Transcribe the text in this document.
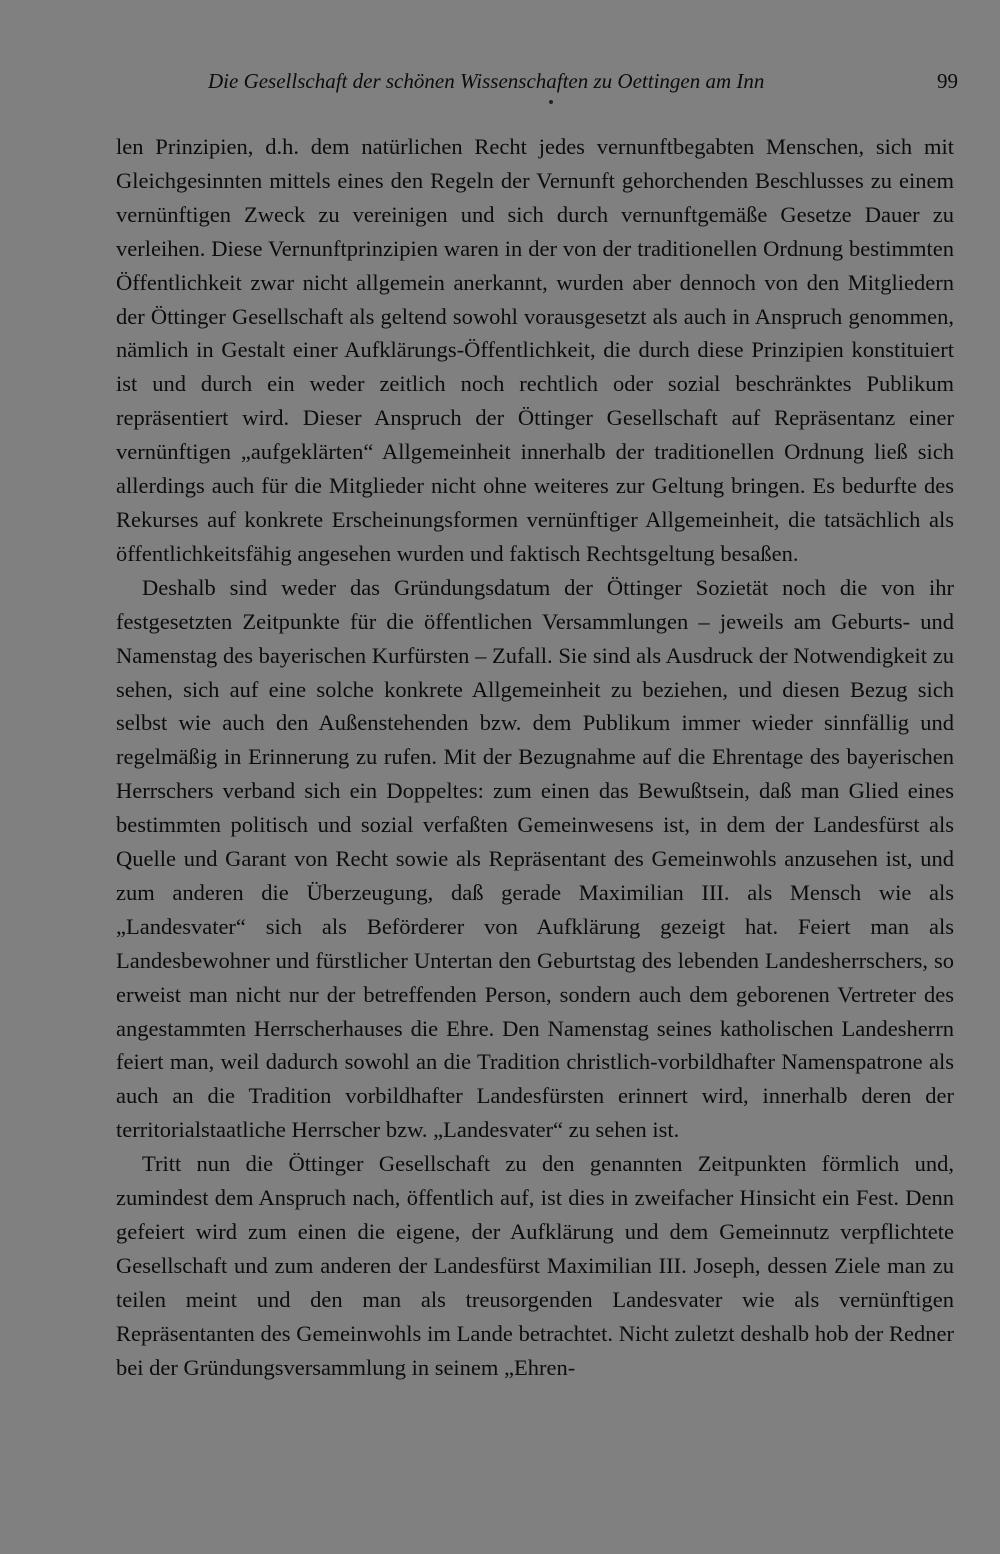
Die Gesellschaft der schönen Wissenschaften zu Oettingen am Inn	99

len Prinzipien, d.h. dem natürlichen Recht jedes vernunftbegabten Menschen, sich mit Gleichgesinnten mittels eines den Regeln der Vernunft gehorchenden Beschlusses zu einem vernünftigen Zweck zu vereinigen und sich durch vernunftgemäße Gesetze Dauer zu verleihen. Diese Vernunftprinzipien waren in der von der traditionellen Ordnung bestimmten Öffentlichkeit zwar nicht allgemein anerkannt, wurden aber dennoch von den Mitgliedern der Öttinger Gesellschaft als geltend sowohl vorausgesetzt als auch in Anspruch genommen, nämlich in Gestalt einer Aufklärungs-Öffentlichkeit, die durch diese Prinzipien konstituiert ist und durch ein weder zeitlich noch rechtlich oder sozial beschränktes Publikum repräsentiert wird. Dieser Anspruch der Öttinger Gesellschaft auf Repräsentanz einer vernünftigen „aufgeklärten“ Allgemeinheit innerhalb der traditionellen Ordnung ließ sich allerdings auch für die Mitglieder nicht ohne weiteres zur Geltung bringen. Es bedurfte des Rekurses auf konkrete Erscheinungsformen vernünftiger Allgemeinheit, die tatsächlich als öffentlichkeitsfähig angesehen wurden und faktisch Rechtsgeltung besaßen.

Deshalb sind weder das Gründungsdatum der Öttinger Sozietät noch die von ihr festgesetzten Zeitpunkte für die öffentlichen Versammlungen – jeweils am Geburts- und Namenstag des bayerischen Kurfürsten – Zufall. Sie sind als Ausdruck der Notwendigkeit zu sehen, sich auf eine solche konkrete Allgemeinheit zu beziehen, und diesen Bezug sich selbst wie auch den Außenstehenden bzw. dem Publikum immer wieder sinnfällig und regelmäßig in Erinnerung zu rufen. Mit der Bezugnahme auf die Ehrentage des bayerischen Herrschers verband sich ein Doppeltes: zum einen das Bewußtsein, daß man Glied eines bestimmten politisch und sozial verfaßten Gemeinwesens ist, in dem der Landesfürst als Quelle und Garant von Recht sowie als Repräsentant des Gemeinwohls anzusehen ist, und zum anderen die Überzeugung, daß gerade Maximilian III. als Mensch wie als „Landesvater“ sich als Beförderer von Aufklärung gezeigt hat. Feiert man als Landesbewohner und fürstlicher Untertan den Geburtstag des lebenden Landesherrschers, so erweist man nicht nur der betreffenden Person, sondern auch dem geborenen Vertreter des angestammten Herrscherhauses die Ehre. Den Namenstag seines katholischen Landesherrn feiert man, weil dadurch sowohl an die Tradition christlich-vorbildhafter Namenspatrone als auch an die Tradition vorbildhafter Landesfürsten erinnert wird, innerhalb deren der territorialstaatliche Herrscher bzw. „Landesvater“ zu sehen ist.

Tritt nun die Öttinger Gesellschaft zu den genannten Zeitpunkten förmlich und, zumindest dem Anspruch nach, öffentlich auf, ist dies in zweifacher Hinsicht ein Fest. Denn gefeiert wird zum einen die eigene, der Aufklärung und dem Gemeinnutz verpflichtete Gesellschaft und zum anderen der Landesfürst Maximilian III. Joseph, dessen Ziele man zu teilen meint und den man als treusorgenden Landesvater wie als vernünftigen Repräsentanten des Gemeinwohls im Lande betrachtet. Nicht zuletzt deshalb hob der Redner bei der Gründungsversammlung in seinem „Ehren-
